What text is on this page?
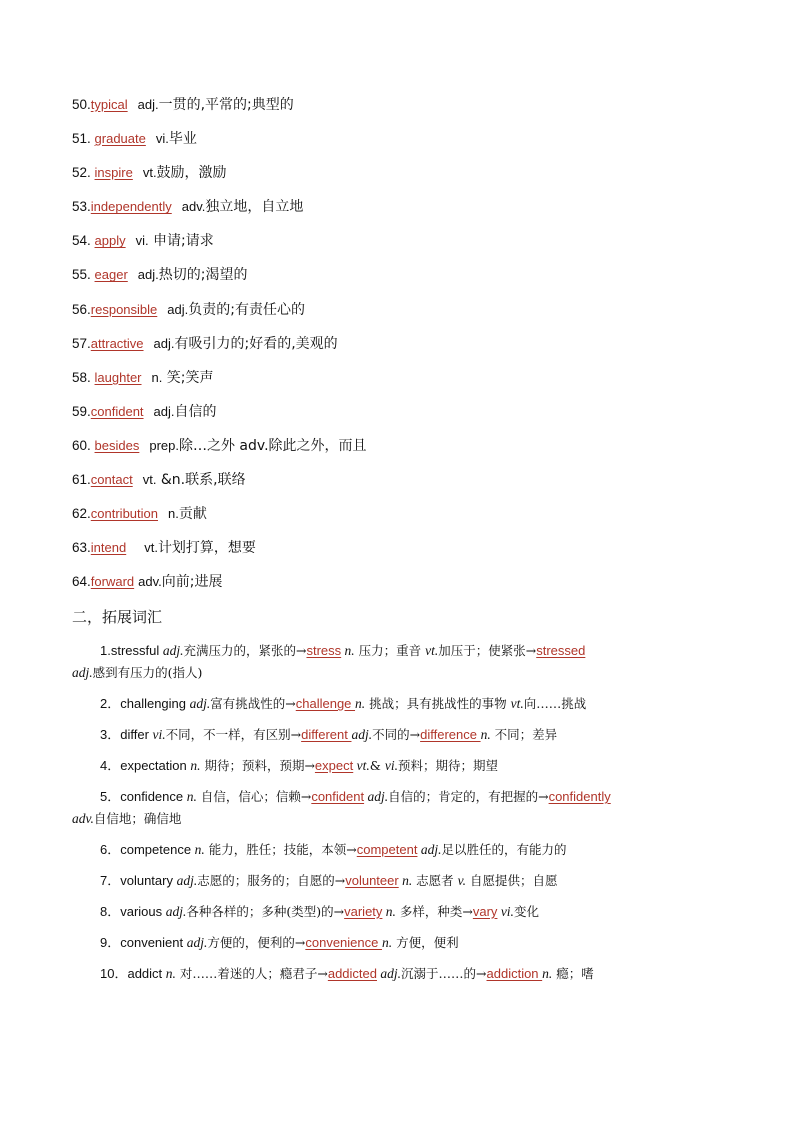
50.typical adj.一贯的,平常的;典型的
51. graduate vi.毕业
52. inspire vt.鼓励，激励
53.independently adv.独立地，自立地
54. apply vi. 申请;请求
55. eager adj.热切的;渴望的
56.responsible adj.负责的;有责任心的
57.attractive adj.有吸引力的;好看的,美观的
58. laughter n. 笑;笑声
59.confident adj.自信的
60. besides prep.除…之外 adv.除此之外，而且
61.contact vt. &n.联系,联络
62.contribution n.贡献
63.intend vt.计划打算，想要
64.forward adv.向前;进展
二，拓展词汇
1.stressful adj.充满压力的，紧张的→stress n. 压力；重音 vt.加压于；使紧张→stressed
adj.感到有压力的(指人)
2．challenging adj.富有挑战性的→challenge n. 挑战；具有挑战性的事物 vt.向……挑战
3．differ vi.不同，不一样，有区别→different adj.不同的→difference n. 不同；差异
4．expectation n. 期待；预料，预期→expect vt.& vi.预料；期待；期望
5．confidence n. 自信，信心；信赖→confident adj.自信的；肯定的，有把握的→confidently
adv.自信地；确信地
6．competence n. 能力，胜任；技能，本领→competent adj.足以胜任的，有能力的
7．voluntary adj.志愿的；服务的；自愿的→volunteer n. 志愿者 v. 自愿提供；自愿
8．various adj.各种各样的；多种(类型)的→variety n. 多样，种类→vary vi.变化
9．convenient adj.方便的，便利的→convenience n. 方便，便利
10．addict n. 对……着迷的人；瘾君子→addicted adj.沉溺于……的→addiction n. 瘾；嗜
